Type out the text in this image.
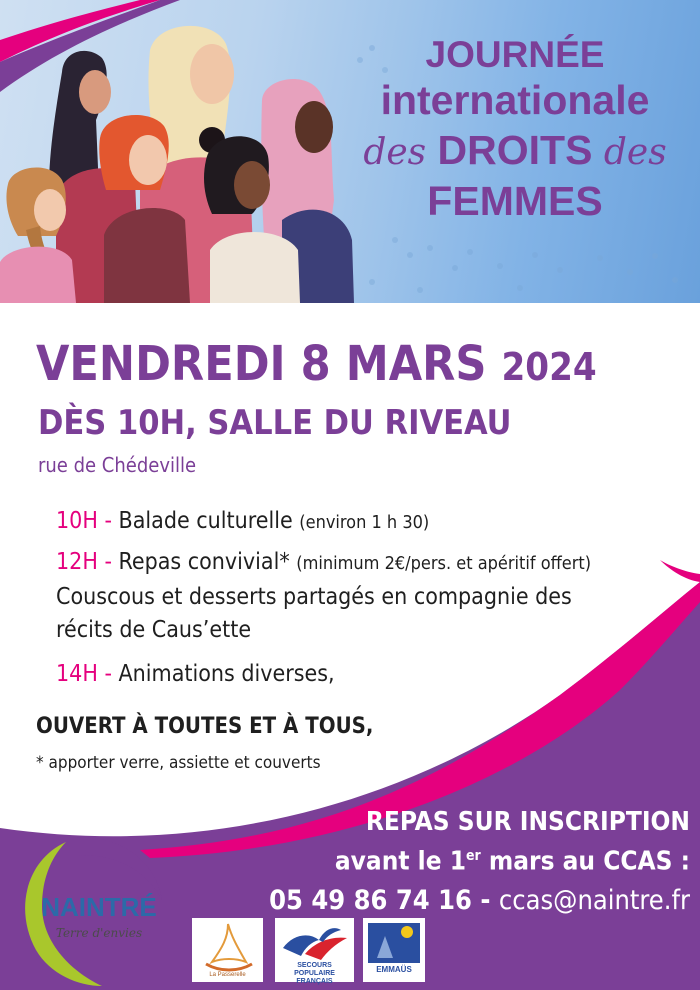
JOURNÉE
internationale
des DROITS des
FEMMES
VENDREDI 8 MARS 2024
DÈS 10H, SALLE DU RIVEAU
rue de Chédeville
10H - Balade culturelle (environ 1 h 30)
12H - Repas convivial* (minimum 2€/pers. et apéritif offert)
Couscous et desserts partagés en compagnie des
récits de Caus’ette
14H - Animations diverses,
OUVERT À TOUTES ET À TOUS,
* apporter verre, assiette et couverts
REPAS SUR INSCRIPTION
avant le 1er mars au CCAS :
05 49 86 74 16 - ccas@naintre.fr
NAINTRÉ
Terre d'envies
La Passerelle
SECOURS POPULAIRE FRANÇAIS
EMMAÜS
